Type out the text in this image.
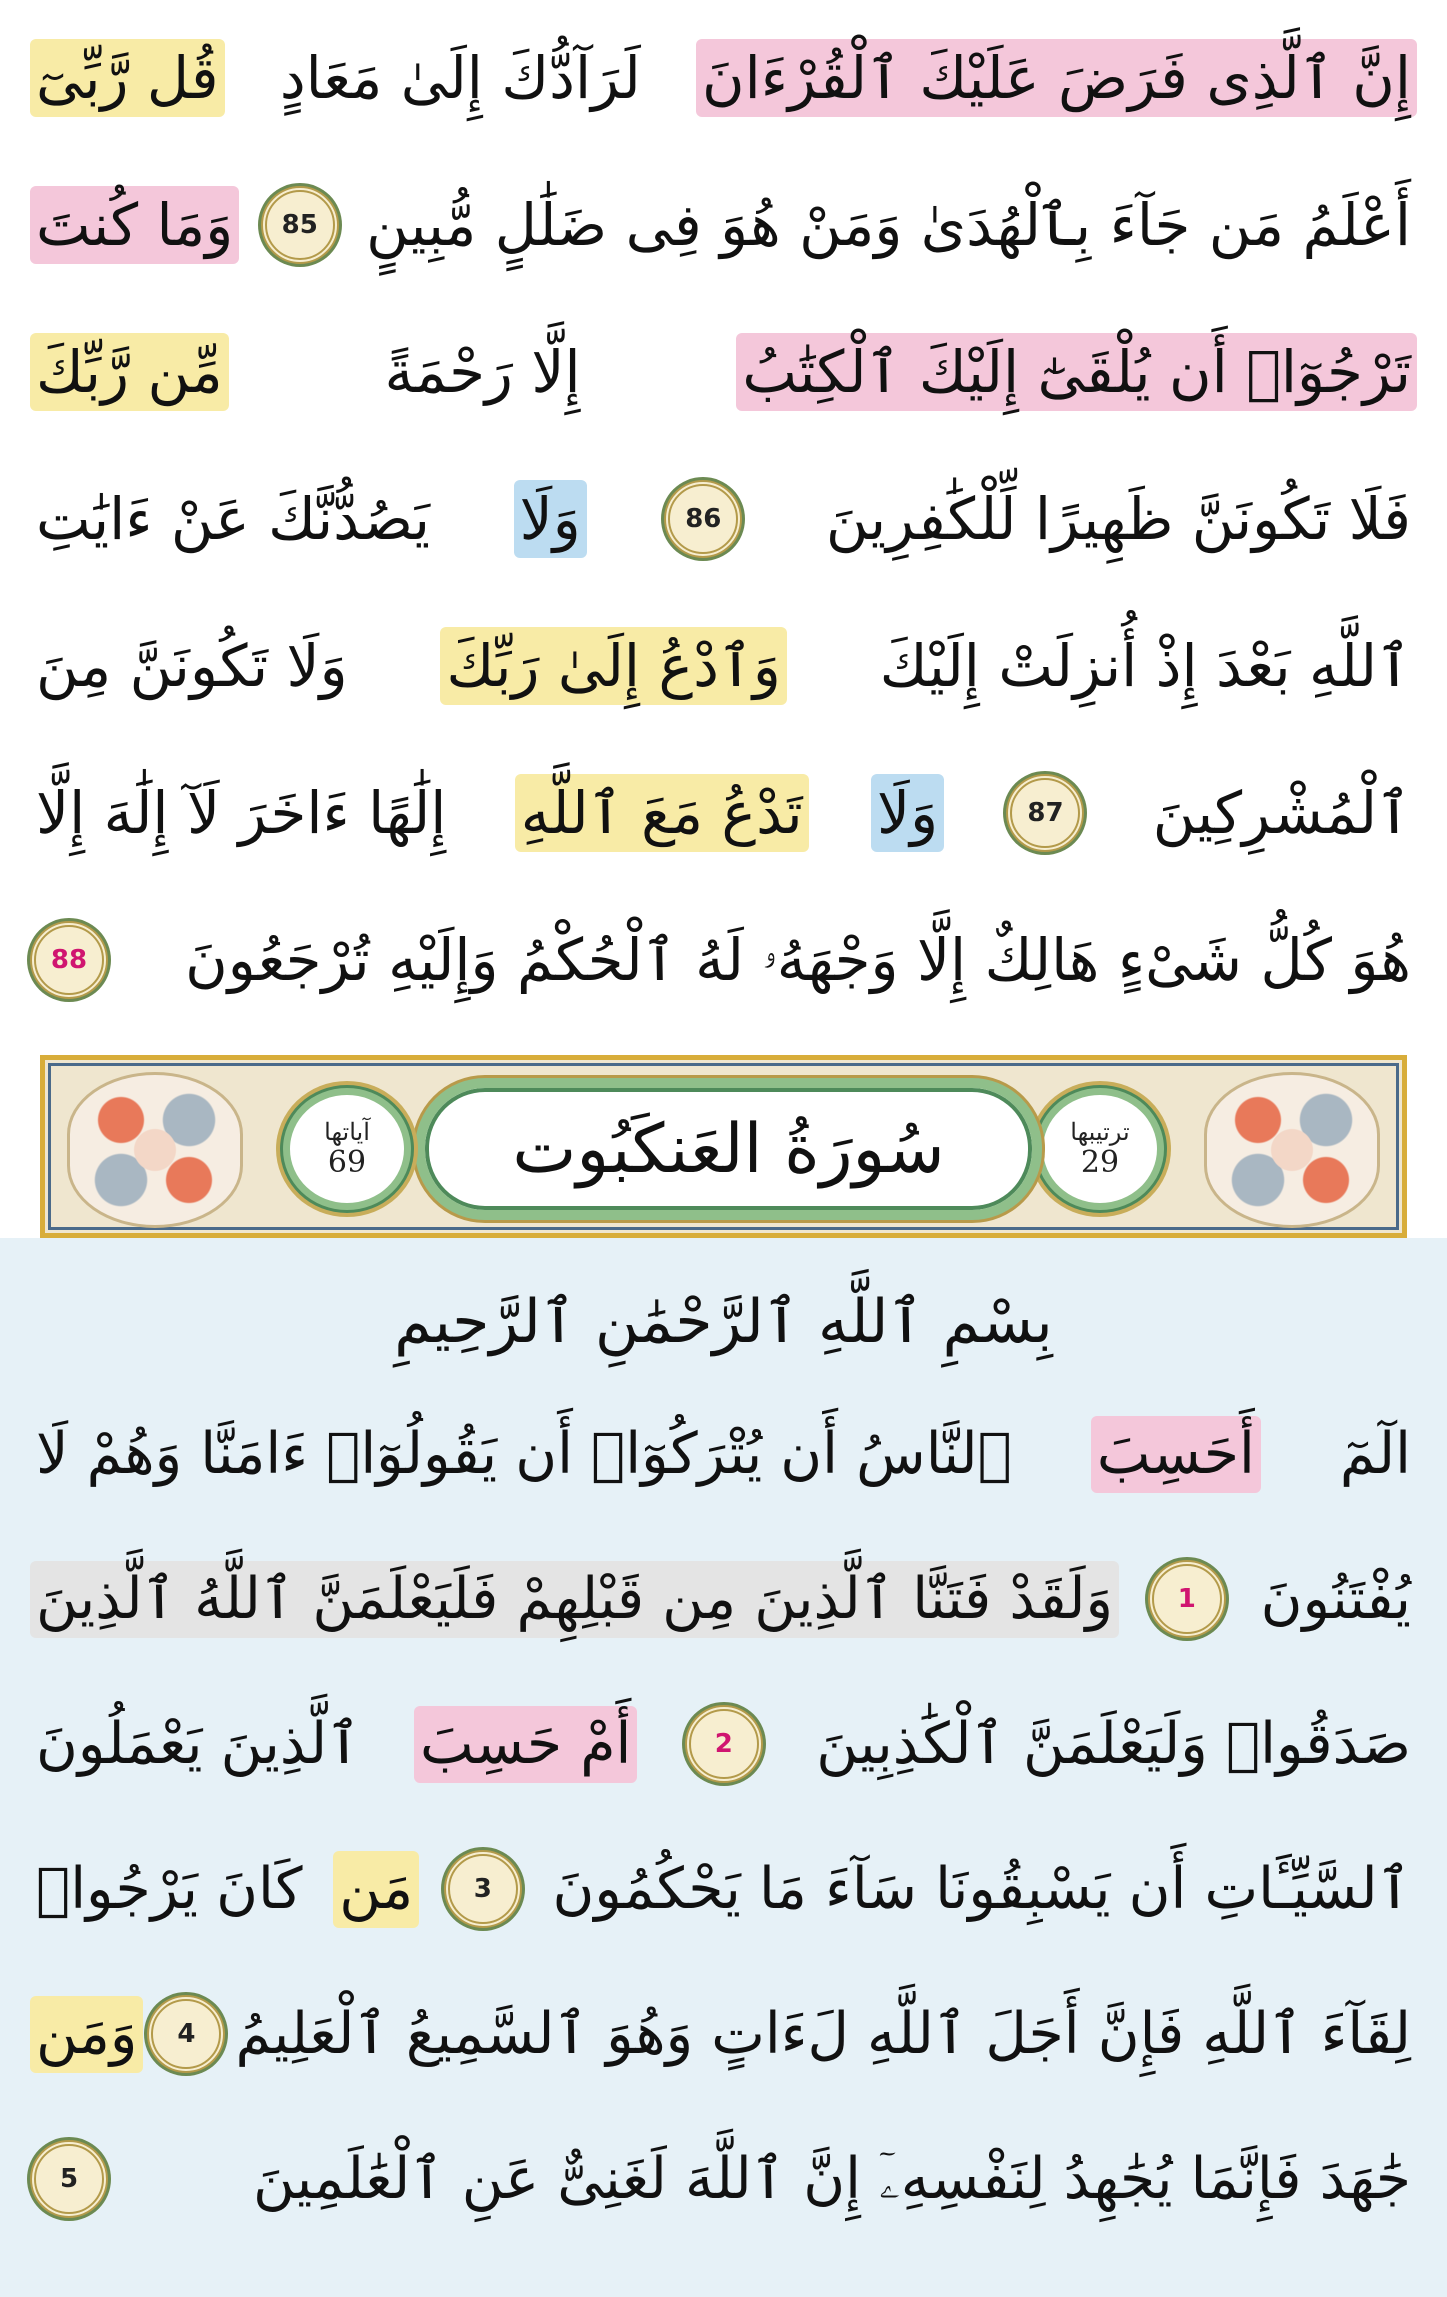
إِنَّ ٱلَّذِى فَرَضَ عَلَيْكَ ٱلْقُرْءَانَ
لَرَآدُّكَ إِلَىٰ مَعَادٍ
قُل رَّبِّىٓ
أَعْلَمُ مَن جَآءَ بِٱلْهُدَىٰ وَمَنْ هُوَ فِى ضَلَٰلٍ مُّبِينٍ
85
وَمَا كُنتَ
تَرْجُوٓا۟ أَن يُلْقَىٰٓ إِلَيْكَ ٱلْكِتَٰبُ
إِلَّا رَحْمَةً
مِّن رَّبِّكَ
فَلَا تَكُونَنَّ ظَهِيرًا لِّلْكَٰفِرِينَ
86
وَلَا
يَصُدُّنَّكَ عَنْ ءَايَٰتِ
ٱللَّهِ بَعْدَ إِذْ أُنزِلَتْ إِلَيْكَ
وَٱدْعُ إِلَىٰ رَبِّكَ
وَلَا تَكُونَنَّ مِنَ
ٱلْمُشْرِكِينَ
87
وَلَا
تَدْعُ مَعَ ٱللَّهِ
إِلَٰهًا ءَاخَرَ لَآ إِلَٰهَ إِلَّا
هُوَ كُلُّ شَىْءٍ هَالِكٌ إِلَّا وَجْهَهُۥ لَهُ ٱلْحُكْمُ وَإِلَيْهِ تُرْجَعُونَ
88
ترتيبها
29
سُورَةُ العَنكَبُوت
آياتها
69
بِسْمِ ٱللَّهِ ٱلرَّحْمَٰنِ ٱلرَّحِيمِ
الٓمٓ
أَحَسِبَ
ٱلنَّاسُ أَن يُتْرَكُوٓا۟ أَن يَقُولُوٓا۟ ءَامَنَّا وَهُمْ لَا
يُفْتَنُونَ
1
وَلَقَدْ فَتَنَّا ٱلَّذِينَ مِن قَبْلِهِمْ فَلَيَعْلَمَنَّ ٱللَّهُ ٱلَّذِينَ
صَدَقُوا۟ وَلَيَعْلَمَنَّ ٱلْكَٰذِبِينَ
2
أَمْ حَسِبَ
ٱلَّذِينَ يَعْمَلُونَ
ٱلسَّيِّـَٔاتِ أَن يَسْبِقُونَا سَآءَ مَا يَحْكُمُونَ
3
مَن
كَانَ يَرْجُوا۟
لِقَآءَ ٱللَّهِ فَإِنَّ أَجَلَ ٱللَّهِ لَءَاتٍ وَهُوَ ٱلسَّمِيعُ ٱلْعَلِيمُ
4
وَمَن
جَٰهَدَ فَإِنَّمَا يُجَٰهِدُ لِنَفْسِهِۦٓ إِنَّ ٱللَّهَ لَغَنِىٌّ عَنِ ٱلْعَٰلَمِينَ
5
